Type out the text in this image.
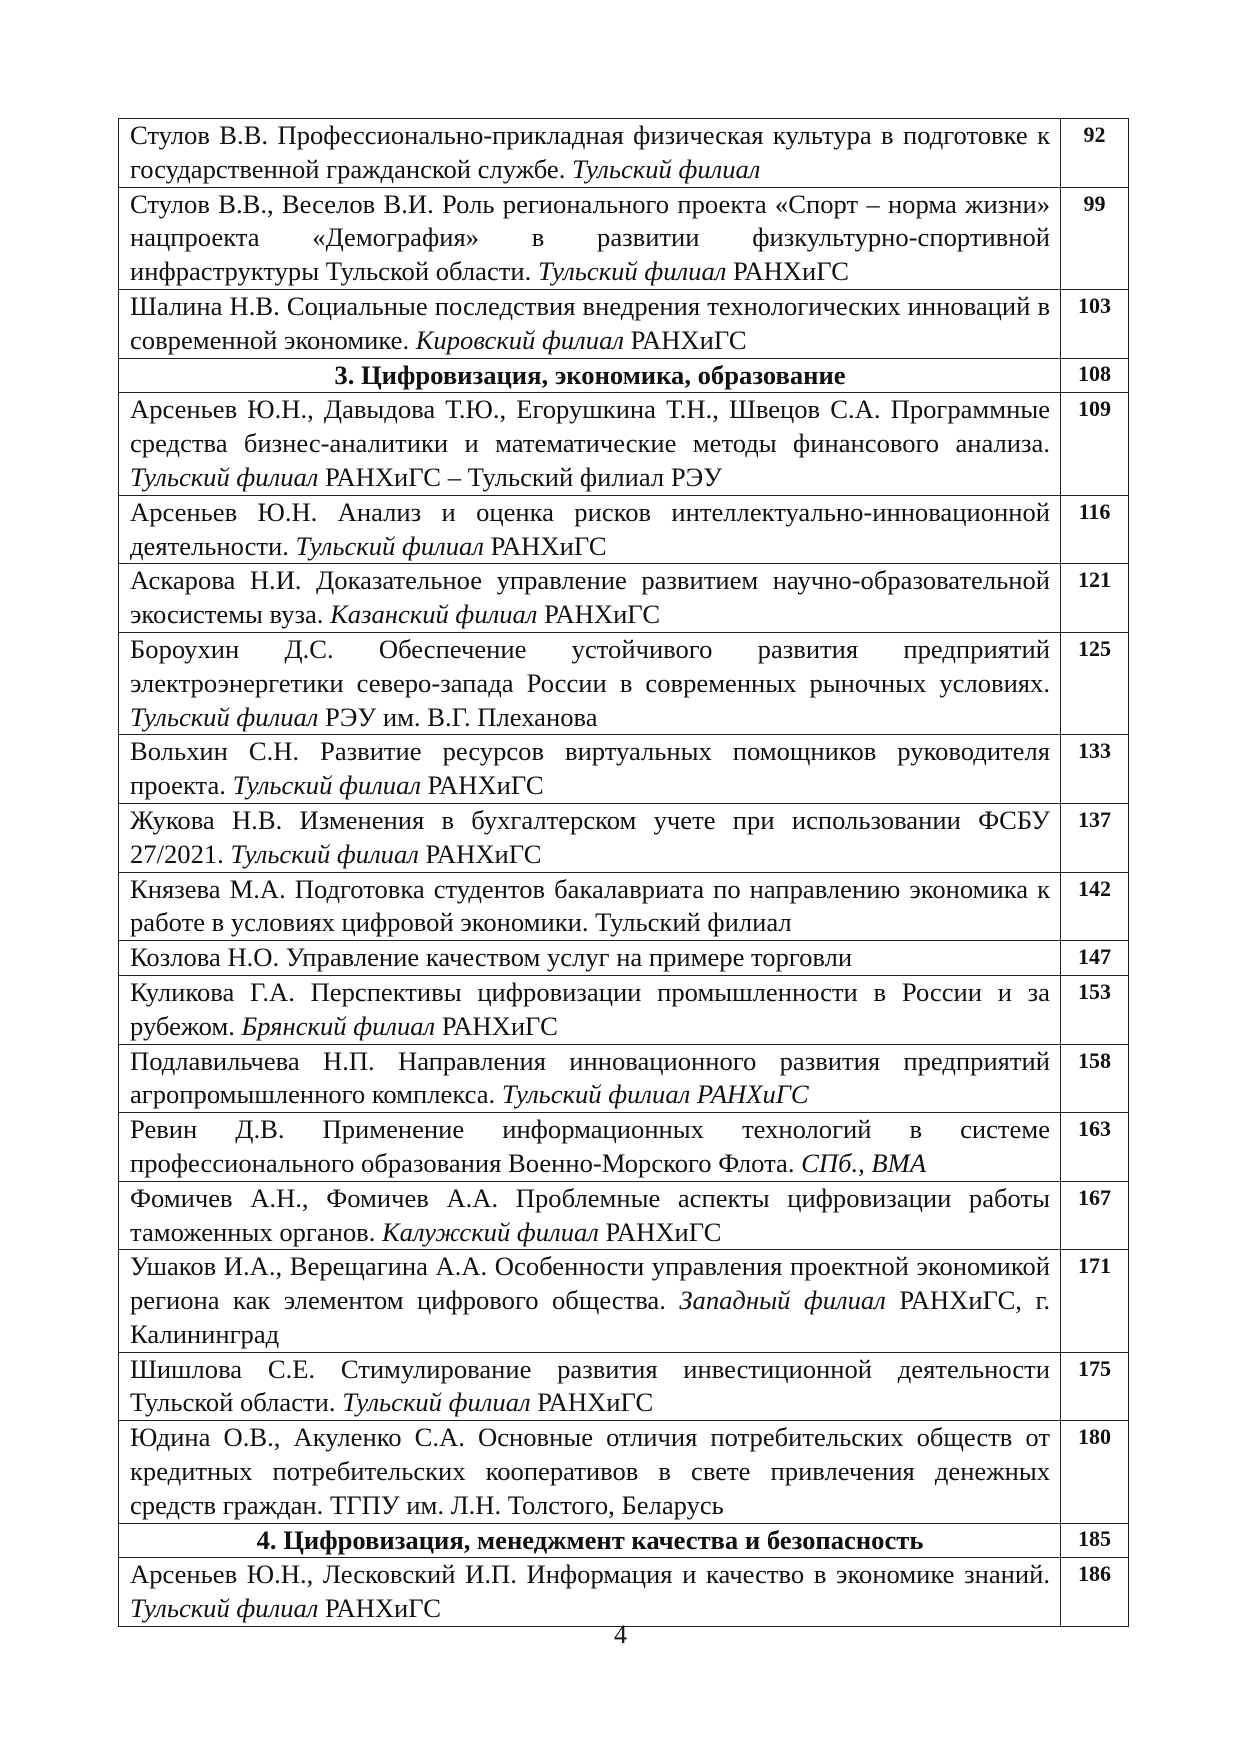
Стулов В.В. Профессионально-прикладная физическая культура в подготовке к государственной гражданской службе. Тульский филиал	92
Стулов В.В., Веселов В.И. Роль регионального проекта «Спорт – норма жизни» нацпроекта «Демография» в развитии физкультурно-спортивной инфраструктуры Тульской области. Тульский филиал РАНХиГС	99
Шалина Н.В. Социальные последствия внедрения технологических инноваций в современной экономике. Кировский филиал РАНХиГС	103
3. Цифровизация, экономика, образование	108
Арсеньев Ю.Н., Давыдова Т.Ю., Егорушкина Т.Н., Швецов С.А. Программные средства бизнес-аналитики и математические методы финансового анализа. Тульский филиал РАНХиГС – Тульский филиал РЭУ	109
Арсеньев Ю.Н. Анализ и оценка рисков интеллектуально-инновационной деятельности. Тульский филиал РАНХиГС	116
Аскарова Н.И. Доказательное управление развитием научно-образовательной экосистемы вуза. Казанский филиал РАНХиГС	121
Бороухин Д.С. Обеспечение устойчивого развития предприятий электроэнергетики северо-запада России в современных рыночных условиях. Тульский филиал РЭУ им. В.Г. Плеханова	125
Вольхин С.Н. Развитие ресурсов виртуальных помощников руководителя проекта. Тульский филиал РАНХиГС	133
Жукова Н.В. Изменения в бухгалтерском учете при использовании ФСБУ 27/2021. Тульский филиал РАНХиГС	137
Князева М.А. Подготовка студентов бакалавриата по направлению экономика к работе в условиях цифровой экономики. Тульский филиал	142
Козлова Н.О. Управление качеством услуг на примере торговли	147
Куликова Г.А. Перспективы цифровизации промышленности в России и за рубежом. Брянский филиал РАНХиГС	153
Подлавильчева Н.П. Направления инновационного развития предприятий агропромышленного комплекса. Тульский филиал РАНХиГС	158
Ревин Д.В. Применение информационных технологий в системе профессионального образования Военно-Морского Флота. СПб., ВМА	163
Фомичев А.Н., Фомичев А.А. Проблемные аспекты цифровизации работы таможенных органов. Калужский филиал РАНХиГС	167
Ушаков И.А., Верещагина А.А. Особенности управления проектной экономикой региона как элементом цифрового общества. Западный филиал РАНХиГС, г. Калининград	171
Шишлова С.Е. Стимулирование развития инвестиционной деятельности Тульской области. Тульский филиал РАНХиГС	175
Юдина О.В., Акуленко С.А. Основные отличия потребительских обществ от кредитных потребительских кооперативов в свете привлечения денежных средств граждан. ТГПУ им. Л.Н. Толстого, Беларусь	180
4. Цифровизация, менеджмент качества и безопасность	185
Арсеньев Ю.Н., Лесковский И.П. Информация и качество в экономике знаний. Тульский филиал РАНХиГС	186
4
